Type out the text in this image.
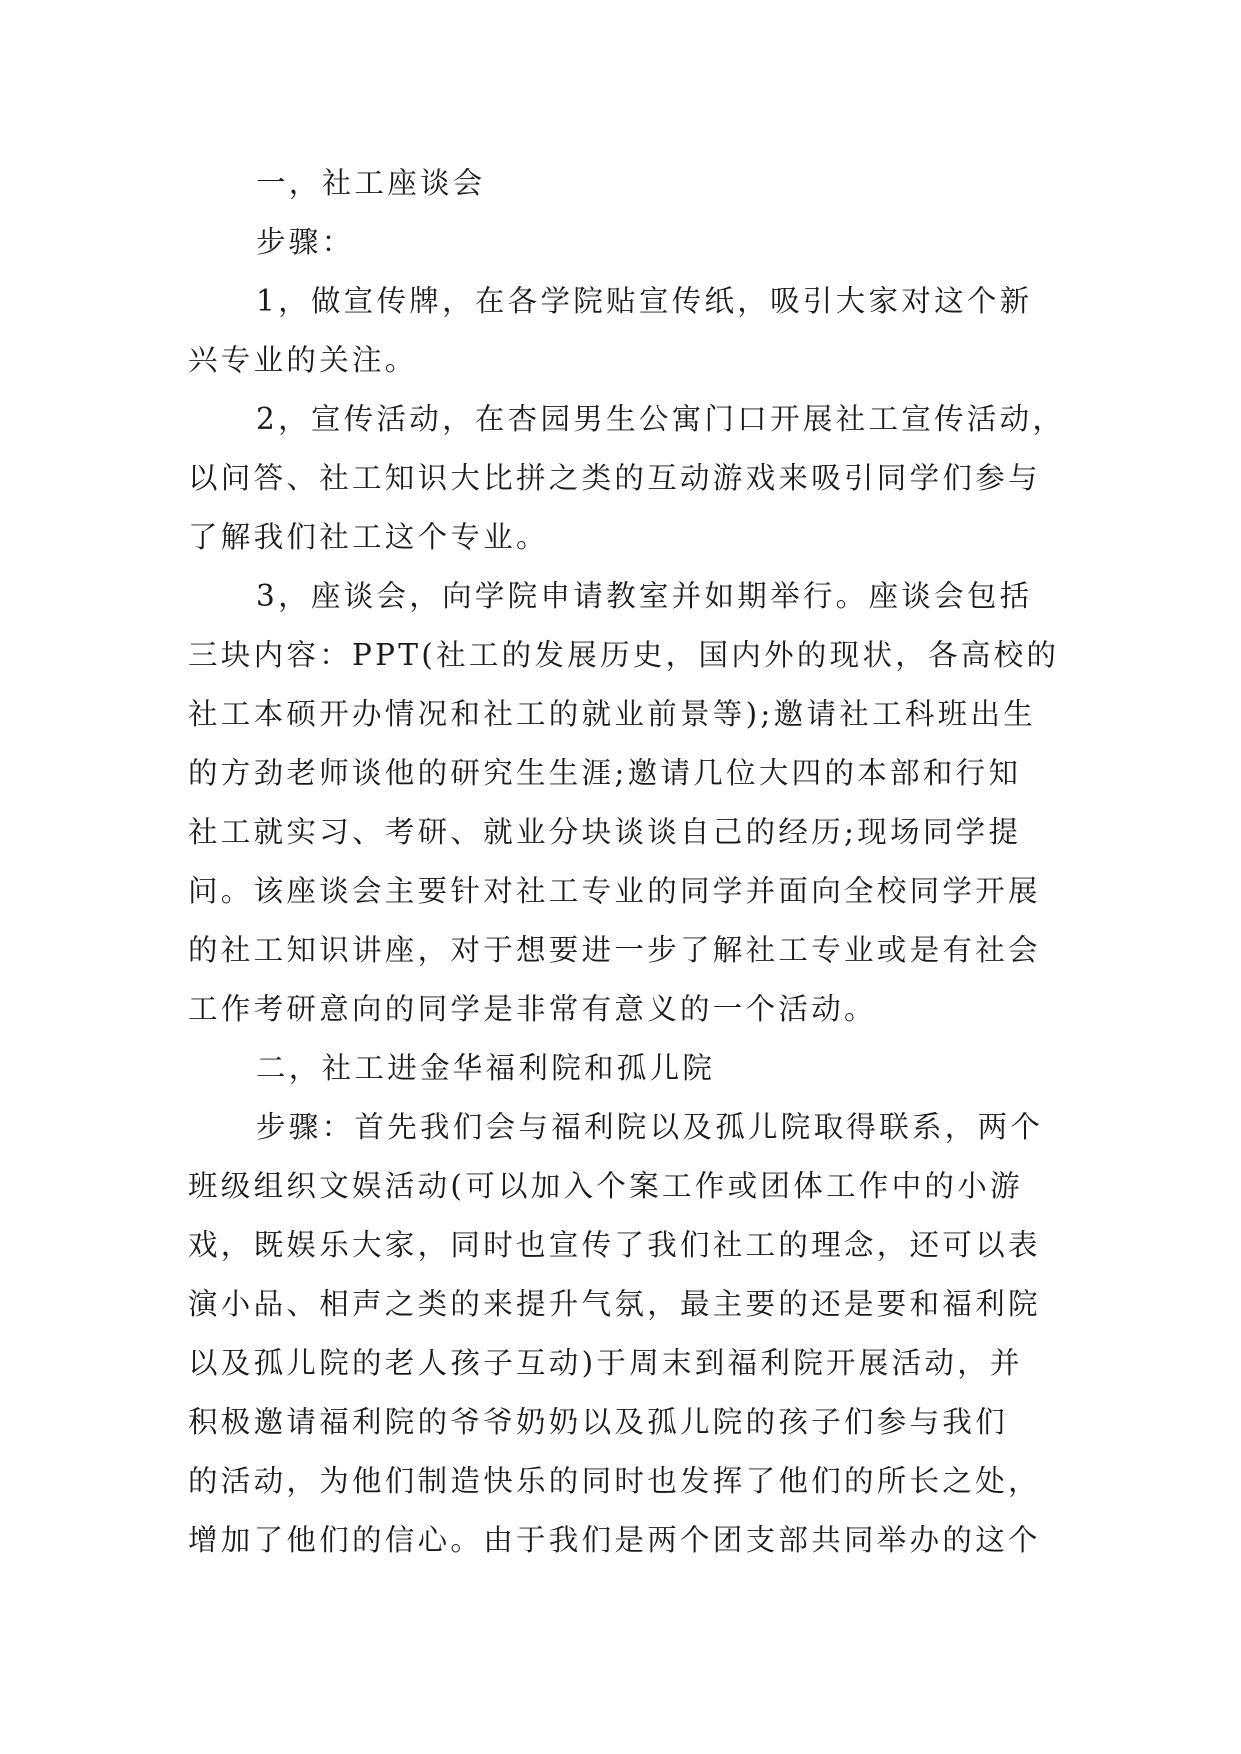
一，社工座谈会
步骤：
1，做宣传牌，在各学院贴宣传纸，吸引大家对这个新
兴专业的关注。
2，宣传活动，在杏园男生公寓门口开展社工宣传活动，
以问答、社工知识大比拼之类的互动游戏来吸引同学们参与
了解我们社工这个专业。
3，座谈会，向学院申请教室并如期举行。座谈会包括
三块内容：PPT(社工的发展历史，国内外的现状，各高校的
社工本硕开办情况和社工的就业前景等);邀请社工科班出生
的方劲老师谈他的研究生生涯;邀请几位大四的本部和行知
社工就实习、考研、就业分块谈谈自己的经历;现场同学提
问。该座谈会主要针对社工专业的同学并面向全校同学开展
的社工知识讲座，对于想要进一步了解社工专业或是有社会
工作考研意向的同学是非常有意义的一个活动。
二，社工进金华福利院和孤儿院
步骤：首先我们会与福利院以及孤儿院取得联系，两个
班级组织文娱活动(可以加入个案工作或团体工作中的小游
戏，既娱乐大家，同时也宣传了我们社工的理念，还可以表
演小品、相声之类的来提升气氛，最主要的还是要和福利院
以及孤儿院的老人孩子互动)于周末到福利院开展活动，并
积极邀请福利院的爷爷奶奶以及孤儿院的孩子们参与我们
的活动，为他们制造快乐的同时也发挥了他们的所长之处，
增加了他们的信心。由于我们是两个团支部共同举办的这个
